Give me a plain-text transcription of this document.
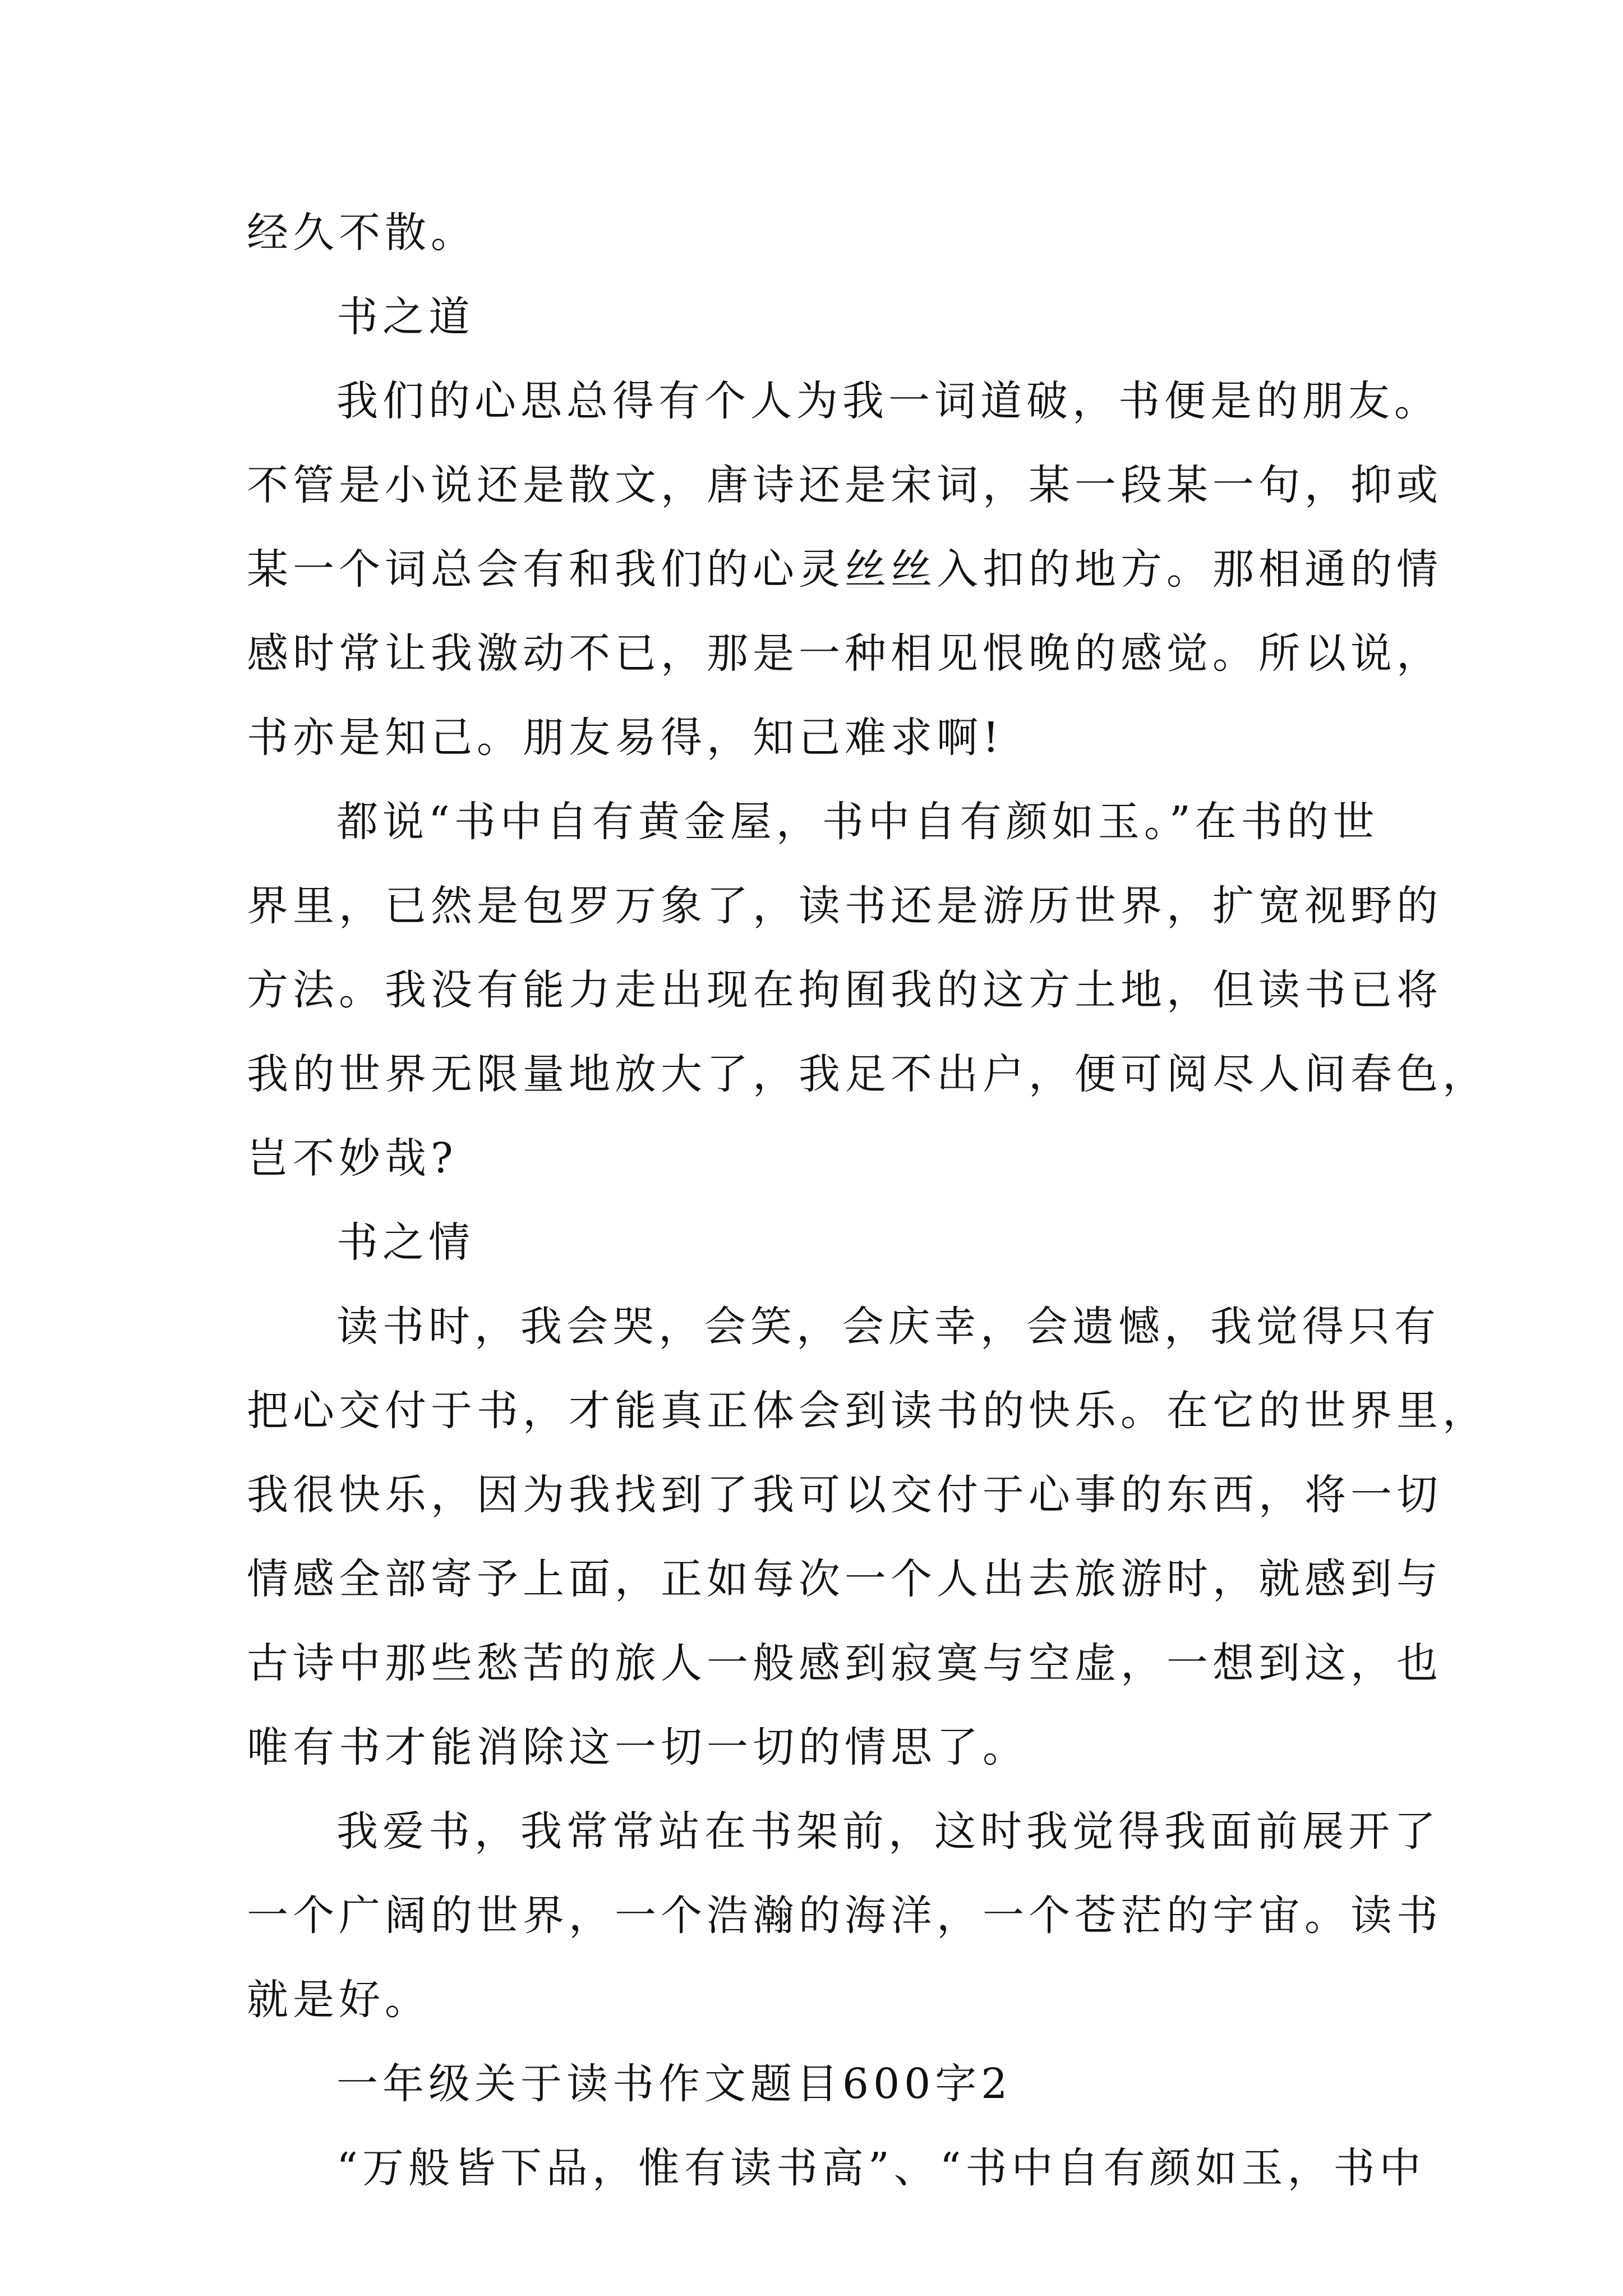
经久不散。
书之道
我们的心思总得有个人为我一词道破，书便是的朋友。
不管是小说还是散文，唐诗还是宋词，某一段某一句，抑或
某一个词总会有和我们的心灵丝丝入扣的地方。那相通的情
感时常让我激动不已，那是一种相见恨晚的感觉。所以说，
书亦是知己。朋友易得，知己难求啊!
都说“书中自有黄金屋，书中自有颜如玉。”在书的世
界里，已然是包罗万象了，读书还是游历世界，扩宽视野的
方法。我没有能力走出现在拘囿我的这方土地，但读书已将
我的世界无限量地放大了，我足不出户，便可阅尽人间春色，
岂不妙哉?
书之情
读书时，我会哭，会笑，会庆幸，会遗憾，我觉得只有
把心交付于书，才能真正体会到读书的快乐。在它的世界里，
我很快乐，因为我找到了我可以交付于心事的东西，将一切
情感全部寄予上面，正如每次一个人出去旅游时，就感到与
古诗中那些愁苦的旅人一般感到寂寞与空虚，一想到这，也
唯有书才能消除这一切一切的情思了。
我爱书，我常常站在书架前，这时我觉得我面前展开了
一个广阔的世界，一个浩瀚的海洋，一个苍茫的宇宙。读书
就是好。
一年级关于读书作文题目600字2
“万般皆下品，惟有读书高”、“书中自有颜如玉，书中
